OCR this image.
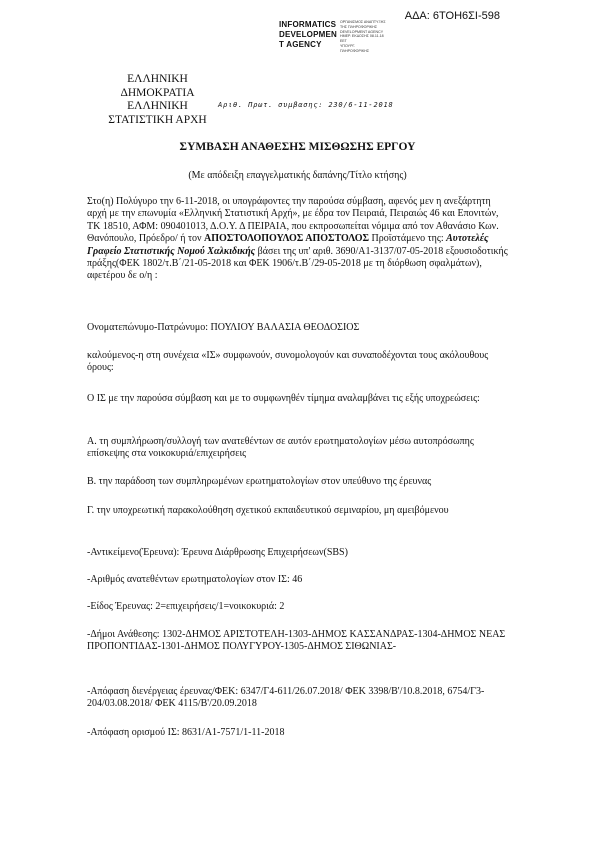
ΑΔΑ: 6ΤΟΗ6ΣΙ-598
INFORMATICS
DEVELOPMEN
T AGENCY
ΟΡΓΑΝΙΣΜΟΣ ΑΝΑΠΤΥΞΗΣ
ΤΗΣ ΠΛΗΡΟΦΟΡΙΚΗΣ
DEVELOPMENT AGENCY
ΗΜΕΡ. ΕΚΔΟΣΗΣ 08.11.18
ΕΕΓ
ΥΠΟΥΡΓ.
ΠΛΗΡΟΦΟΡΙΚΗΣ
ΕΛΛΗΝΙΚΗ
ΔΗΜΟΚΡΑΤΙΑ
ΕΛΛΗΝΙΚΗ
ΣΤΑΤΙΣΤΙΚΗ ΑΡΧΗ
Αριθ. Πρωτ. συμβασης: 230/6-11-2018
ΣΥΜΒΑΣΗ ΑΝΑΘΕΣΗΣ ΜΙΣΘΩΣΗΣ ΕΡΓΟΥ
(Με απόδειξη επαγγελματικής δαπάνης/Τίτλο κτήσης)
Στο(η) Πολύγυρο την 6-11-2018, οι υπογράφοντες την παρούσα σύμβαση, αφενός μεν η ανεξάρτητη αρχή με την επωνυμία «Ελληνική Στατιστική Αρχή», με έδρα τον Πειραιά, Πειραιώς 46 και Επονιτών, ΤΚ 18510, ΑΦΜ: 090401013, Δ.Ο.Υ. Δ ΠΕΙΡΑΙΑ, που εκπροσωπείται νόμιμα από τον Αθανάσιο Κων. Θανόπουλο, Πρόεδρο/ ή τον ΑΠΟΣΤΟΛΟΠΟΥΛΟΣ ΑΠΟΣΤΟΛΟΣ Προϊστάμενο της: Αυτοτελές Γραφείο Στατιστικής Νομού Χαλκιδικής βάσει της υπ' αριθ. 3690/Α1-3137/07-05-2018 εξουσιοδοτικής πράξης(ΦΕΚ 1802/τ.Β΄/21-05-2018 και ΦΕΚ 1906/τ.Β΄/29-05-2018 με τη διόρθωση σφαλμάτων), αφετέρου δε ο/η :
Ονοματεπώνυμο-Πατρώνυμο: ΠΟΥΛΙΟΥ ΒΑΛΑΣΙΑ ΘΕΟΔΟΣΙΟΣ
καλούμενος-η στη συνέχεια «ΙΣ» συμφωνούν, συνομολογούν και συναποδέχονται τους ακόλουθους όρους:
Ο ΙΣ με την παρούσα σύμβαση και με το συμφωνηθέν τίμημα αναλαμβάνει τις εξής υποχρεώσεις:
Α. τη συμπλήρωση/συλλογή των ανατεθέντων σε αυτόν ερωτηματολογίων μέσω αυτοπρόσωπης επίσκεψης στα νοικοκυριά/επιχειρήσεις
Β. την παράδοση των συμπληρωμένων ερωτηματολογίων στον υπεύθυνο της έρευνας
Γ. την υποχρεωτική παρακολούθηση σχετικού εκπαιδευτικού σεμιναρίου, μη αμειβόμενου
-Αντικείμενο(Έρευνα): Έρευνα Διάρθρωσης Επιχειρήσεων(SBS)
-Αριθμός ανατεθέντων ερωτηματολογίων στον ΙΣ: 46
-Είδος Έρευνας: 2=επιχειρήσεις/1=νοικοκυριά: 2
-Δήμοι Ανάθεσης: 1302-ΔΗΜΟΣ ΑΡΙΣΤΟΤΕΛΗ-1303-ΔΗΜΟΣ ΚΑΣΣΑΝΔΡΑΣ-1304-ΔΗΜΟΣ ΝΕΑΣ ΠΡΟΠΟΝΤΙΔΑΣ-1301-ΔΗΜΟΣ ΠΟΛΥΓΥΡΟΥ-1305-ΔΗΜΟΣ ΣΙΘΩΝΙΑΣ-
-Απόφαση διενέργειας έρευνας/ΦΕΚ: 6347/Γ4-611/26.07.2018/ ΦΕΚ 3398/Β'/10.8.2018, 6754/Γ3-204/03.08.2018/ ΦΕΚ 4115/Β'/20.09.2018
-Απόφαση ορισμού ΙΣ: 8631/Α1-7571/1-11-2018
